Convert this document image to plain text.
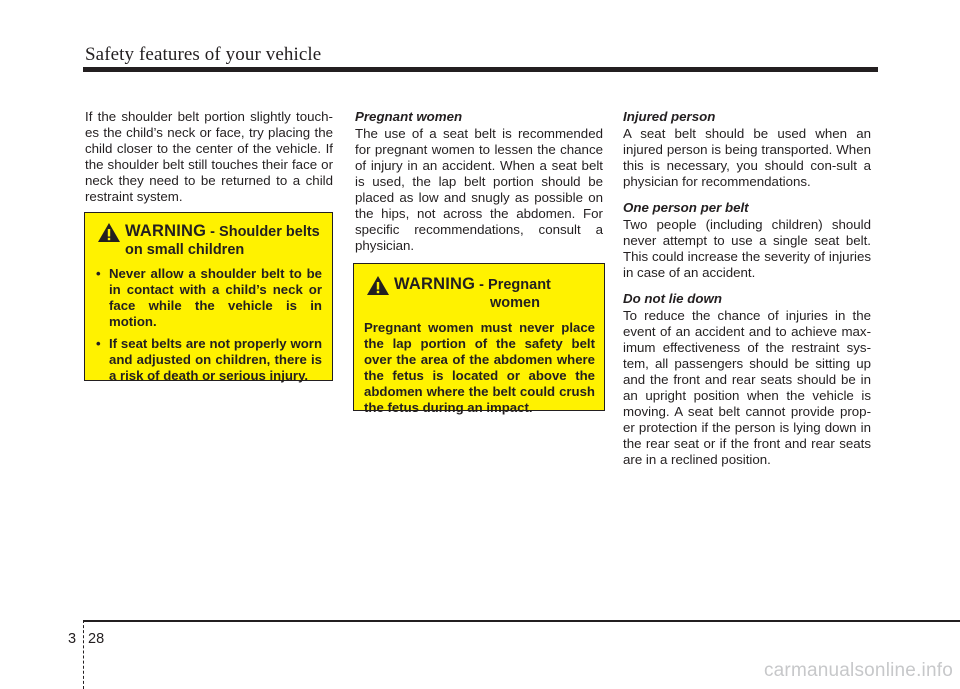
Safety features of your vehicle

If the shoulder belt portion slightly touch-es the child’s neck or face, try placing the child closer to the center of the vehicle. If the shoulder belt still touches their face or neck they need to be returned to a child restraint system.

WARNING - Shoulder belts
on small children
• Never allow a shoulder belt to be in contact with a child’s neck or face while the vehicle is in motion.
• If seat belts are not properly worn and adjusted on children, there is a risk of death or serious injury.
Pregnant women

The use of a seat belt is recommended for pregnant women to lessen the chance of injury in an accident. When a seat belt is used, the lap belt portion should be placed as low and snugly as possible on the hips, not across the abdomen. For specific recommendations, consult a physician.

WARNING - Pregnant
women
Pregnant women must never place the lap portion of the safety belt over the area of the abdomen where the fetus is located or above the abdomen where the belt could crush the fetus during an impact.
Injured person

A seat belt should be used when an injured person is being transported. When this is necessary, you should con-sult a physician for recommendations.

One person per belt

Two people (including children) should never attempt to use a single seat belt. This could increase the severity of injuries in case of an accident.

Do not lie down

To reduce the chance of injuries in the event of an accident and to achieve max-imum effectiveness of the restraint sys-tem, all passengers should be sitting up and the front and rear seats should be in an upright position when the vehicle is moving. A seat belt cannot provide prop-er protection if the person is lying down in the rear seat or if the front and rear seats are in a reclined position.

3 28
carmanualsonline.info
